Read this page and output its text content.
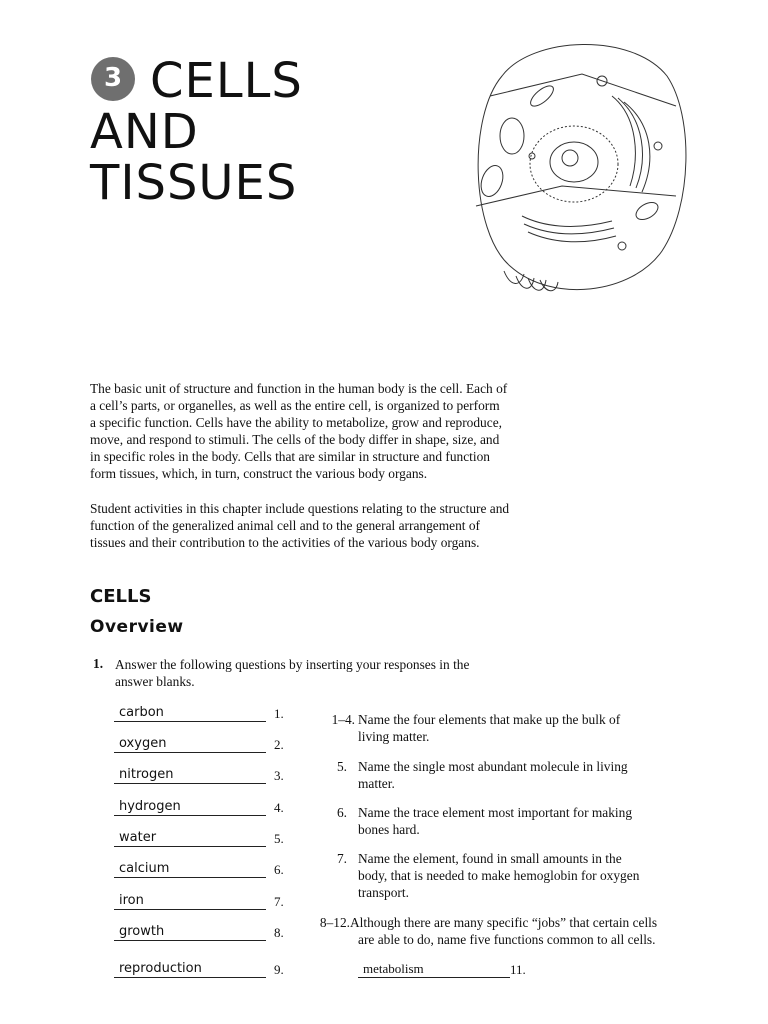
3 CELLS
AND
TISSUES
The basic unit of structure and function in the human body is the cell. Each of
a cell’s parts, or organelles, as well as the entire cell, is organized to perform
a specific function. Cells have the ability to metabolize, grow and reproduce,
move, and respond to stimuli. The cells of the body differ in shape, size, and
in specific roles in the body. Cells that are similar in structure and function
form tissues, which, in turn, construct the various body organs.
Student activities in this chapter include questions relating to the structure and
function of the generalized animal cell and to the general arrangement of
tissues and their contribution to the activities of the various body organs.
CELLS
Overview
1. Answer the following questions by inserting your responses in the
answer blanks.
carbon	1.
oxygen	2.
nitrogen	3.
hydrogen	4.
water	5.
calcium	6.
iron	7.
growth	8.
reproduction	9.
1–4. Name the four elements that make up the bulk of
living matter.
5. Name the single most abundant molecule in living
matter.
6. Name the trace element most important for making
bones hard.
7. Name the element, found in small amounts in the
body, that is needed to make hemoglobin for oxygen
transport.
8–12. Although there are many specific “jobs” that certain cells
are able to do, name five functions common to all cells.
metabolism	11.
